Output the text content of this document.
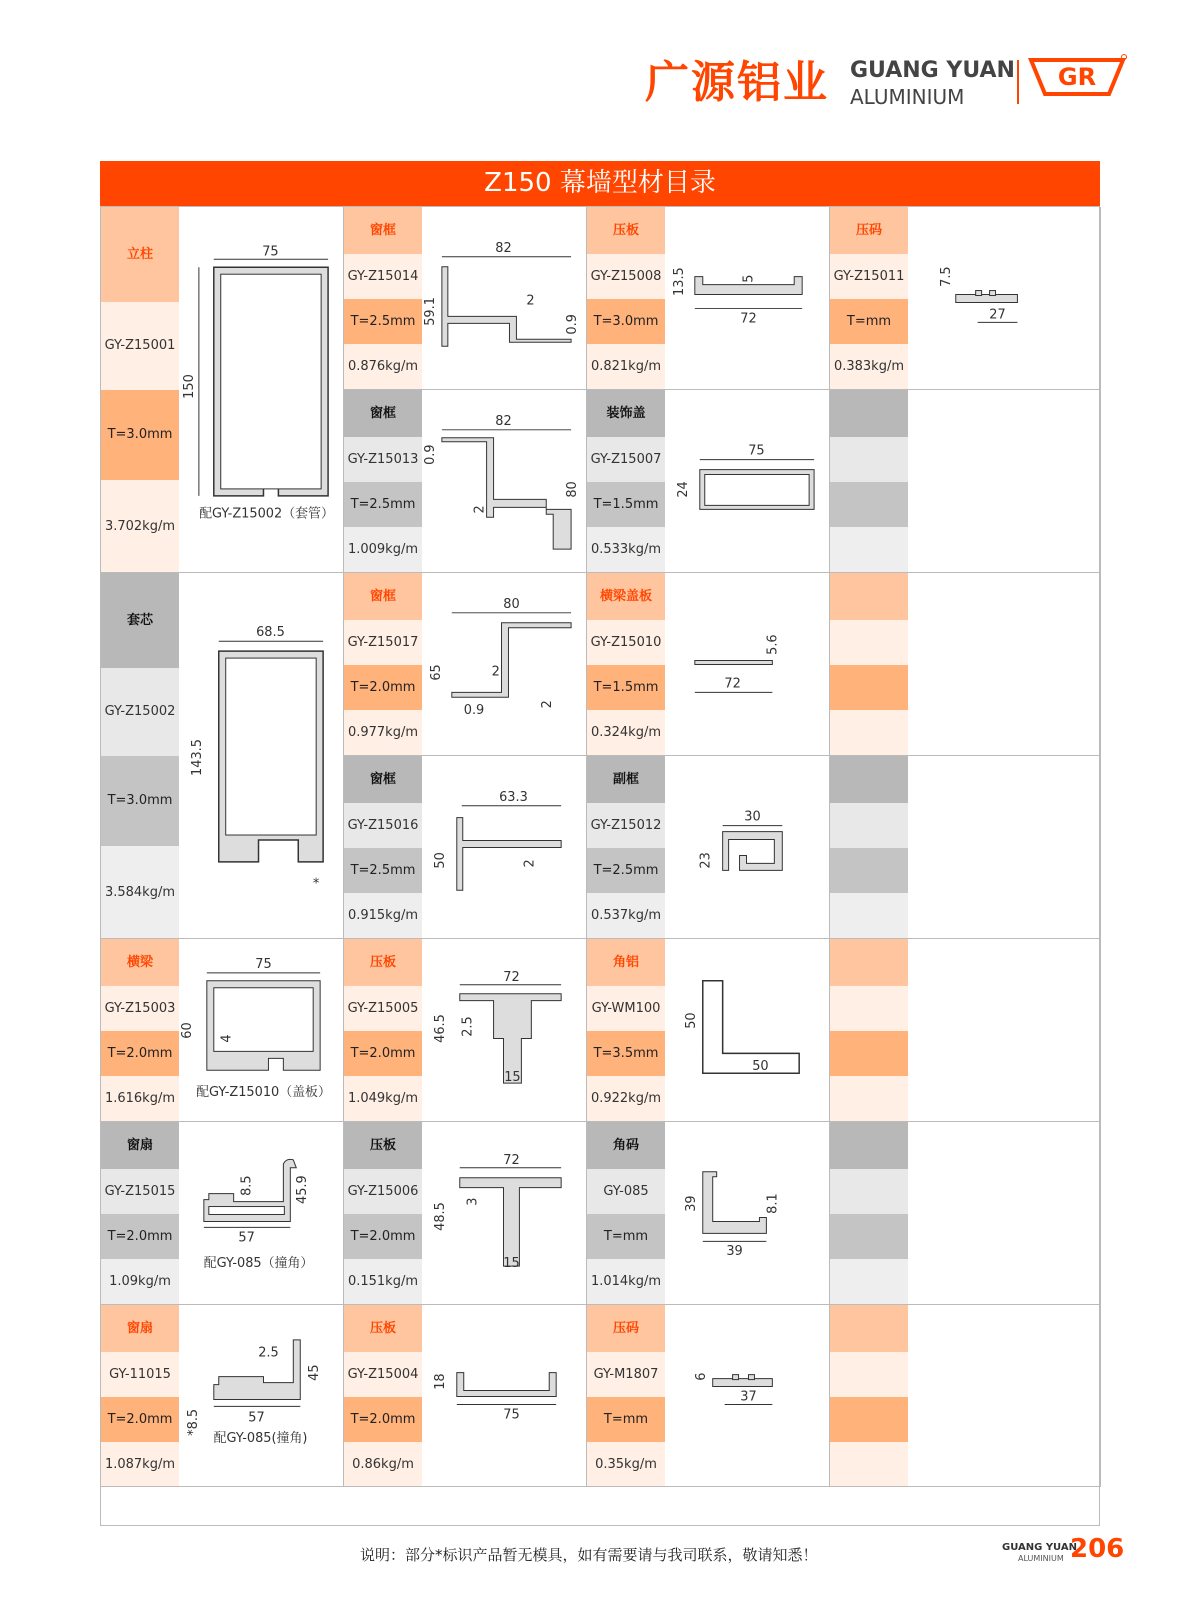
广源铝业 GUANG YUAN
ALUMINIUM
GR
Z150 幕墙型材目录
立柱
GY-Z15001
T=3.0mm
3.702kg/m
75
150
配GY-Z15002（套管）
窗框
GY-Z15014
T=2.5mm
0.876kg/m
82
59.1	2
0.9
压板
GY-Z15008
T=3.0mm
0.821kg/m
13.5	5
72
压码
GY-Z15011
T=mm
0.383kg/m
7.5
27
窗框
GY-Z15013
T=2.5mm
1.009kg/m
82
0.9
2
80
装饰盖
GY-Z15007
T=1.5mm
0.533kg/m
75
24
套芯
GY-Z15002
T=3.0mm
3.584kg/m
68.5
143.5
*
窗框
GY-Z15017
T=2.0mm
0.977kg/m
80
65	2
0.9	2
横梁盖板
GY-Z15010
T=1.5mm
0.324kg/m
5.6
72
窗框
GY-Z15016
T=2.5mm
0.915kg/m
63.3
50	2
副框
GY-Z15012
T=2.5mm
0.537kg/m
30
23
横梁
GY-Z15003
T=2.0mm
1.616kg/m
75
60 4
配GY-Z15010（盖板）
压板
GY-Z15005
T=2.0mm
1.049kg/m
72
46.5 2.5
15
角铝
GY-WM100
T=3.5mm
0.922kg/m
50
50
窗扇
GY-Z15015
T=2.0mm
1.09kg/m
8.5	45.9
57
配GY-085（撞角）
压板
GY-Z15006
T=2.0mm
0.151kg/m
72
48.5
3
15
角码
GY-085
T=mm
1.014kg/m
39	8.1
39
窗扇
GY-11015
T=2.0mm
1.087kg/m
2.5
45
57
*8.5
配GY-085(撞角)
压板
GY-Z15004
T=2.0mm
0.86kg/m
18
75
压码
GY-M1807
T=mm
0.35kg/m
6
37
说明：部分*标识产品暂无模具，如有需要请与我司联系，敬请知悉！	GUANG YUAN
ALUMINIUM 206
